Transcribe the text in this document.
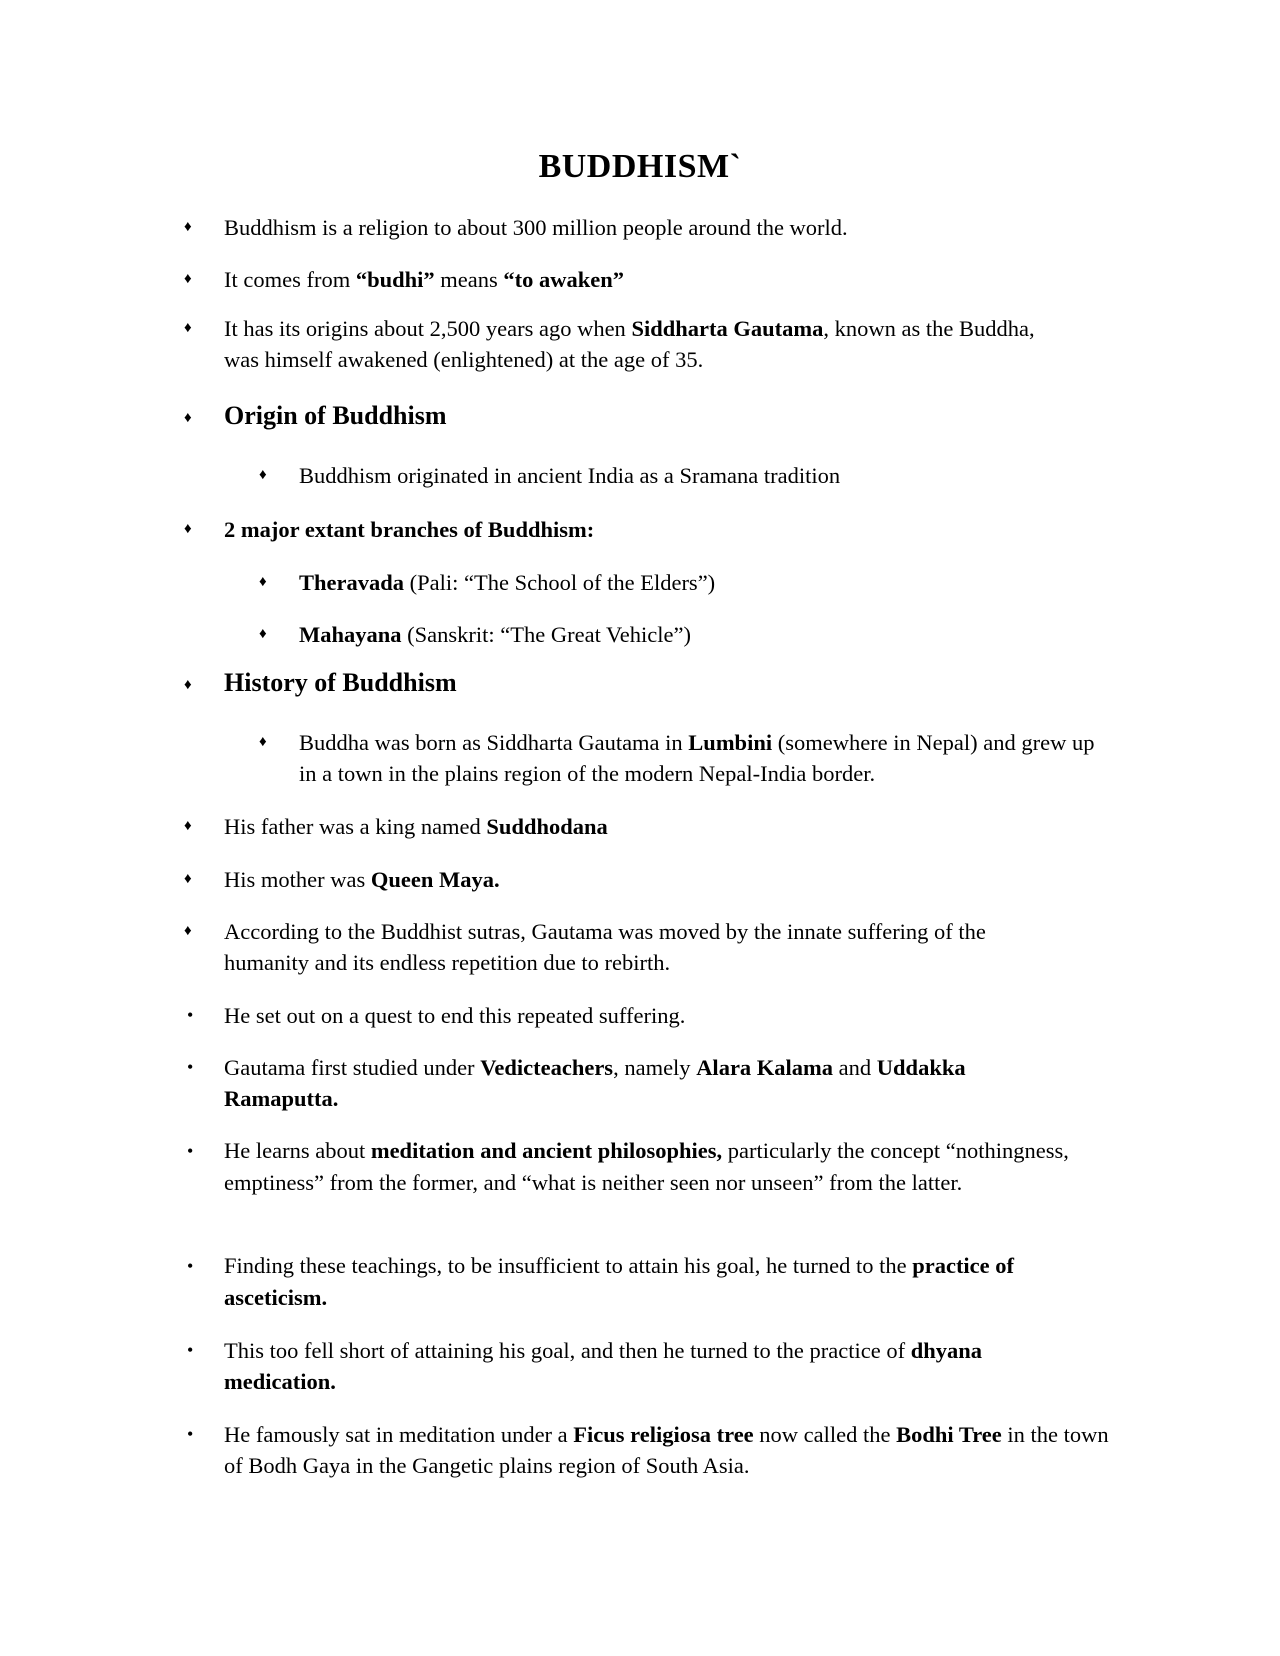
BUDDHISM`
♦ Buddhism is a religion to about 300 million people around the world.
♦ It comes from “budhi” means “to awaken”
♦ It has its origins about 2,500 years ago when Siddharta Gautama, known as the Buddha, was himself awakened (enlightened) at the age of 35.
♦ Origin of Buddhism
♦ Buddhism originated in ancient India as a Sramana tradition
♦ 2 major extant branches of Buddhism:
♦ Theravada (Pali: “The School of the Elders”)
♦ Mahayana (Sanskrit: “The Great Vehicle”)
♦ History of Buddhism
♦ Buddha was born as Siddharta Gautama in Lumbini (somewhere in Nepal) and grew up in a town in the plains region of the modern Nepal-India border.
♦ His father was a king named Suddhodana
♦ His mother was Queen Maya.
♦ According to the Buddhist sutras, Gautama was moved by the innate suffering of the humanity and its endless repetition due to rebirth.
• He set out on a quest to end this repeated suffering.
• Gautama first studied under Vedicteachers, namely Alara Kalama and Uddakka Ramaputta.
• He learns about meditation and ancient philosophies, particularly the concept “nothingness, emptiness” from the former, and “what is neither seen nor unseen” from the latter.
• Finding these teachings, to be insufficient to attain his goal, he turned to the practice of asceticism.
• This too fell short of attaining his goal, and then he turned to the practice of dhyana medication.
• He famously sat in meditation under a Ficus religiosa tree now called the Bodhi Tree in the town of Bodh Gaya in the Gangetic plains region of South Asia.
